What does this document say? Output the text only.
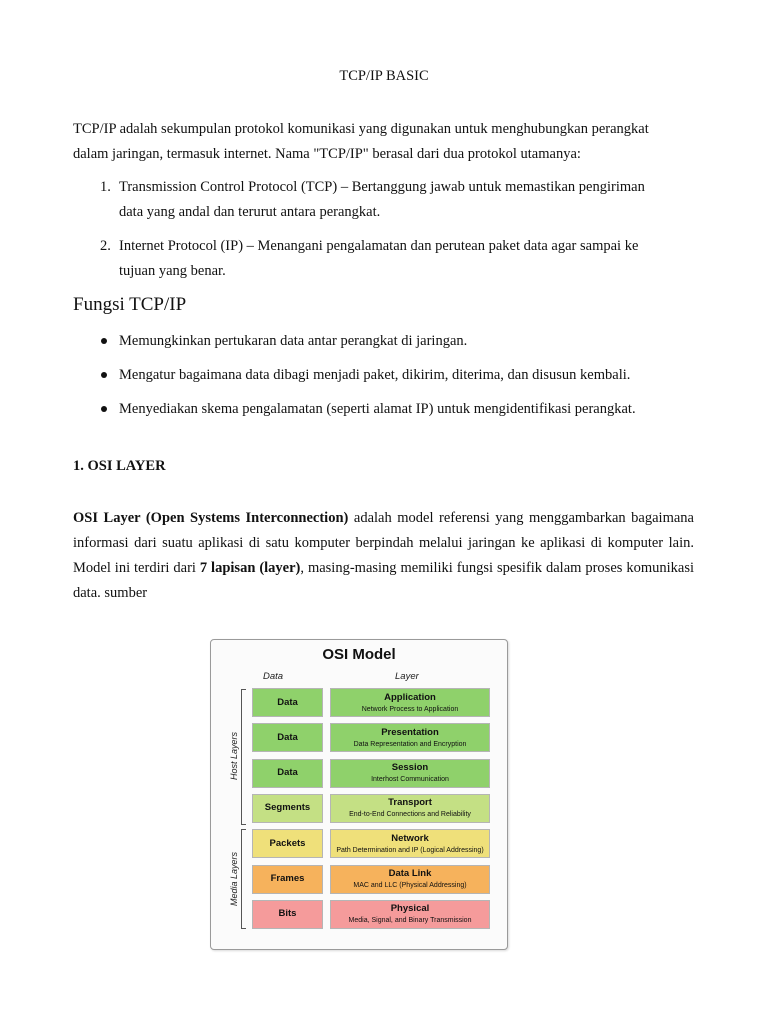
TCP/IP BASIC

TCP/IP adalah sekumpulan protokol komunikasi yang digunakan untuk menghubungkan perangkat
dalam jaringan, termasuk internet. Nama "TCP/IP" berasal dari dua protokol utamanya:

1. Transmission Control Protocol (TCP) – Bertanggung jawab untuk memastikan pengiriman
data yang andal dan terurut antara perangkat.
2. Internet Protocol (IP) – Menangani pengalamatan dan perutean paket data agar sampai ke
tujuan yang benar.
Fungsi TCP/IP
Memungkinkan pertukaran data antar perangkat di jaringan.
Mengatur bagaimana data dibagi menjadi paket, dikirim, diterima, dan disusun kembali.
Menyediakan skema pengalamatan (seperti alamat IP) untuk mengidentifikasi perangkat.
1. OSI LAYER

OSI Layer (Open Systems Interconnection) adalah model referensi yang menggambarkan bagaimana informasi dari suatu aplikasi di satu komputer berpindah melalui jaringan ke aplikasi di komputer lain. Model ini terdiri dari 7 lapisan (layer), masing-masing memiliki fungsi spesifik dalam proses komunikasi data. sumber

OSI Model
Data	Layer
Host Layers
Media Layers
Data	Application
Network Process to Application
Data	Presentation
Data Representation and Encryption
Data	Session
Interhost Communication
Segments	Transport
End-to-End Connections and Reliability
Packets	Network
Path Determination and IP (Logical Addressing)
Frames	Data Link
MAC and LLC (Physical Addressing)
Bits	Physical
Media, Signal, and Binary Transmission
